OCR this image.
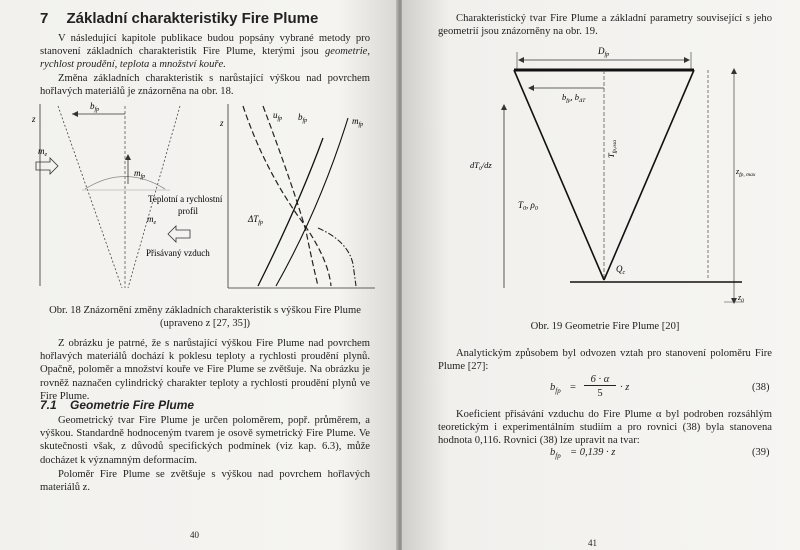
7 Základní charakteristiky Fire Plume
V následující kapitole publikace budou popsány vybrané metody pro stanovení základních charakteristik Fire Plume, kterými jsou geometrie, rychlost proudění, teplota a množství kouře.
Změna základních charakteristik s narůstající výškou nad povrchem hořlavých materiálů je znázorněna na obr. 18.
z
$b_{fp}$
$m_{fp}$
$m_e$
$m_e$
Teplotní a rychlostní
profil
Přisávaný vzduch
z
$u_{fp}$ $b_{fp}$	$m_{fp}$
$\Delta T_{fp}$
Obr. 18 Znázornění změny základních charakteristik s výškou Fire Plume
(upraveno z [27, 35])
Z obrázku je patrné, že s narůstající výškou Fire Plume nad povrchem hořlavých materiálů dochází k poklesu teploty a rychlosti proudění plynů. Opačně, poloměr a množství kouře ve Fire Plume se zvětšuje. Na obrázku je rovněž naznačen cylindrický charakter teploty a rychlosti proudění plynů ve Fire Plume.
7.1 Geometrie Fire Plume
Geometrický tvar Fire Plume je určen poloměrem, popř. průměrem, a výškou. Standardně hodnoceným tvarem je osově symetrický Fire Plume. Ve skutečnosti však, z důvodů specifických podmínek (viz kap. 6.3), může docházet k významným deformacím.
Poloměr Fire Plume se zvětšuje s výškou nad povrchem hořlavých materiálů z.
40
Charakteristický tvar Fire Plume a základní parametry související s jeho geometrií jsou znázorněny na obr. 19.
$D_{fp}$
$b_{fp}$, $b_{\Delta T}$
$T_{fp,osa}$
$dT_0/dz$
$T_0$, $\rho_0$
$z_{fp, max}$
$Q_c$
$z_0$
Obr. 19 Geometrie Fire Plume [20]
Analytickým způsobem byl odvozen vztah pro stanovení poloměru Fire Plume [27]:
$b_{fp}$ =
6 · α
5
· z	(38)
Koeficient přisávání vzduchu do Fire Plume α byl podroben rozsáhlým teoretickým i experimentálním studiím a pro rovnici (38) byla stanovena hodnota 0,116. Rovnici (38) lze upravit na tvar:
$b_{fp} = 0,139 \cdot z$	(39)
41
